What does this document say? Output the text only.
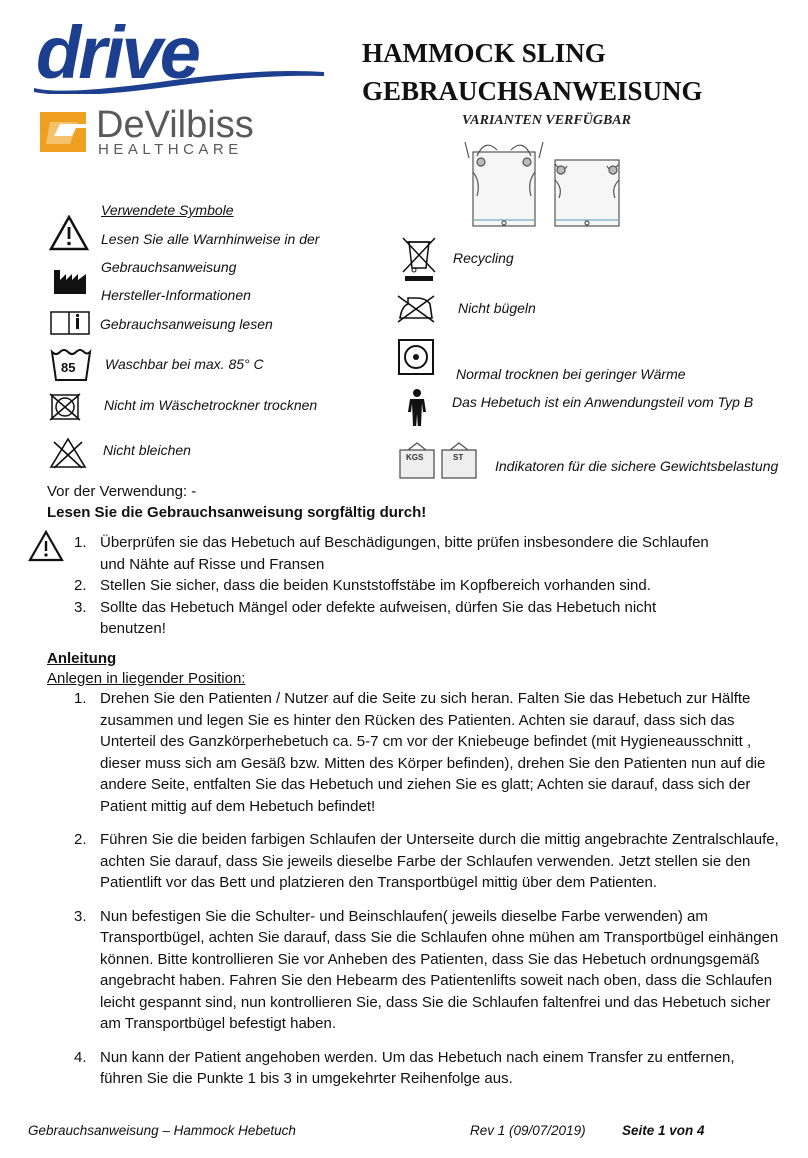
drive
DeVilbiss
HEALTHCARE
HAMMOCK SLING
GEBRAUCHSANWEISUNG
VARIANTEN VERFÜGBAR
Verwendete Symbole
Lesen Sie alle Warnhinweise in der
Gebrauchsanweisung
Hersteller-Informationen
Gebrauchsanweisung lesen
85 Waschbar bei max. 85° C
Nicht im Wäschetrockner trocknen
Nicht bleichen
Recycling
Nicht bügeln
Normal trocknen bei geringer Wärme
Das Hebetuch ist ein Anwendungsteil vom Typ B
KGS	ST
Indikatoren für die sichere Gewichtsbelastung
Vor der Verwendung: -
Lesen Sie die Gebrauchsanweisung sorgfältig durch!
1. Überprüfen sie das Hebetuch auf Beschädigungen, bitte prüfen insbesondere die Schlaufen und Nähte auf Risse und Fransen
2. Stellen Sie sicher, dass die beiden Kunststoffstäbe im Kopfbereich vorhanden sind.
3. Sollte das Hebetuch Mängel oder defekte aufweisen, dürfen Sie das Hebetuch nicht benutzen!
Anleitung
Anlegen in liegender Position:
1. Drehen Sie den Patienten / Nutzer auf die Seite zu sich heran. Falten Sie das Hebetuch zur Hälfte zusammen und legen Sie es hinter den Rücken des Patienten. Achten sie darauf, dass sich das Unterteil des Ganzkörperhebetuch ca. 5-7 cm vor der Kniebeuge befindet (mit Hygieneausschnitt , dieser muss sich am Gesäß bzw. Mitten des Körper befinden), drehen Sie den Patienten nun auf die andere Seite, entfalten Sie das Hebetuch und ziehen Sie es glatt; Achten sie darauf, dass sich der Patient mittig auf dem Hebetuch befindet!
2. Führen Sie die beiden farbigen Schlaufen der Unterseite durch die mittig angebrachte Zentralschlaufe, achten Sie darauf, dass Sie jeweils dieselbe Farbe der Schlaufen verwenden. Jetzt stellen sie den Patientlift vor das Bett und platzieren den Transportbügel mittig über dem Patienten.
3. Nun befestigen Sie die Schulter- und Beinschlaufen( jeweils dieselbe Farbe verwenden) am Transportbügel, achten Sie darauf, dass Sie die Schlaufen ohne mühen am Transportbügel einhängen können. Bitte kontrollieren Sie vor Anheben des Patienten, dass Sie das Hebetuch ordnungsgemäß angebracht haben. Fahren Sie den Hebearm des Patientenlifts soweit nach oben, dass die Schlaufen leicht gespannt sind, nun kontrollieren Sie, dass Sie die Schlaufen faltenfrei und das Hebetuch sicher am Transportbügel befestigt haben.
4. Nun kann der Patient angehoben werden. Um das Hebetuch nach einem Transfer zu entfernen, führen Sie die Punkte 1 bis 3 in umgekehrter Reihenfolge aus.
Gebrauchsanweisung – Hammock Hebetuch	Rev 1 (09/07/2019)	Seite 1 von 4
